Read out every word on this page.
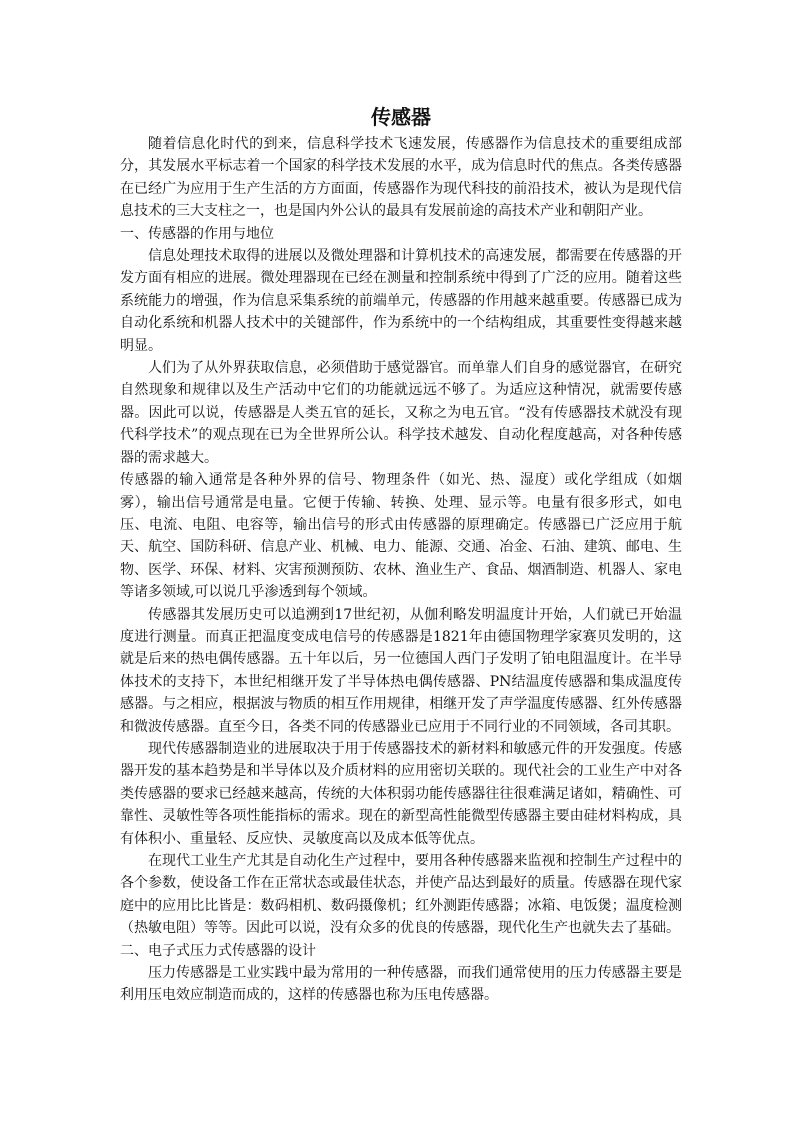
传感器

随着信息化时代的到来，信息科学技术飞速发展，传感器作为信息技术的重要组成部分，其发展水平标志着一个国家的科学技术发展的水平，成为信息时代的焦点。各类传感器在已经广为应用于生产生活的方方面面，传感器作为现代科技的前沿技术，被认为是现代信息技术的三大支柱之一，也是国内外公认的最具有发展前途的高技术产业和朝阳产业。

一、传感器的作用与地位

信息处理技术取得的进展以及微处理器和计算机技术的高速发展，都需要在传感器的开发方面有相应的进展。微处理器现在已经在测量和控制系统中得到了广泛的应用。随着这些系统能力的增强，作为信息采集系统的前端单元，传感器的作用越来越重要。传感器已成为自动化系统和机器人技术中的关键部件，作为系统中的一个结构组成，其重要性变得越来越明显。

人们为了从外界获取信息，必须借助于感觉器官。而单靠人们自身的感觉器官，在研究自然现象和规律以及生产活动中它们的功能就远远不够了。为适应这种情况，就需要传感器。因此可以说，传感器是人类五官的延长，又称之为电五官。“没有传感器技术就没有现代科学技术”的观点现在已为全世界所公认。科学技术越发、自动化程度越高，对各种传感器的需求越大。

传感器的输入通常是各种外界的信号、物理条件（如光、热、湿度）或化学组成（如烟雾），输出信号通常是电量。它便于传输、转换、处理、显示等。电量有很多形式，如电压、电流、电阻、电容等，输出信号的形式由传感器的原理确定。传感器已广泛应用于航天、航空、国防科研、信息产业、机械、电力、能源、交通、冶金、石油、建筑、邮电、生物、医学、环保、材料、灾害预测预防、农林、渔业生产、食品、烟酒制造、机器人、家电等诸多领域,可以说几乎渗透到每个领域。

传感器其发展历史可以追溯到17世纪初，从伽利略发明温度计开始，人们就已开始温度进行测量。而真正把温度变成电信号的传感器是1821年由德国物理学家赛贝发明的，这就是后来的热电偶传感器。五十年以后，另一位德国人西门子发明了铂电阻温度计。在半导体技术的支持下，本世纪相继开发了半导体热电偶传感器、PN结温度传感器和集成温度传感器。与之相应，根据波与物质的相互作用规律，相继开发了声学温度传感器、红外传感器和微波传感器。直至今日，各类不同的传感器业已应用于不同行业的不同领域，各司其职。

现代传感器制造业的进展取决于用于传感器技术的新材料和敏感元件的开发强度。传感器开发的基本趋势是和半导体以及介质材料的应用密切关联的。现代社会的工业生产中对各类传感器的要求已经越来越高，传统的大体积弱功能传感器往往很难满足诸如，精确性、可靠性、灵敏性等各项性能指标的需求。现在的新型高性能微型传感器主要由硅材料构成，具有体积小、重量轻、反应快、灵敏度高以及成本低等优点。

在现代工业生产尤其是自动化生产过程中，要用各种传感器来监视和控制生产过程中的各个参数，使设备工作在正常状态或最佳状态，并使产品达到最好的质量。传感器在现代家庭中的应用比比皆是：数码相机、数码摄像机；红外测距传感器；冰箱、电饭煲；温度检测（热敏电阻）等等。因此可以说，没有众多的优良的传感器，现代化生产也就失去了基础。

二、电子式压力式传感器的设计

压力传感器是工业实践中最为常用的一种传感器，而我们通常使用的压力传感器主要是利用压电效应制造而成的，这样的传感器也称为压电传感器。
